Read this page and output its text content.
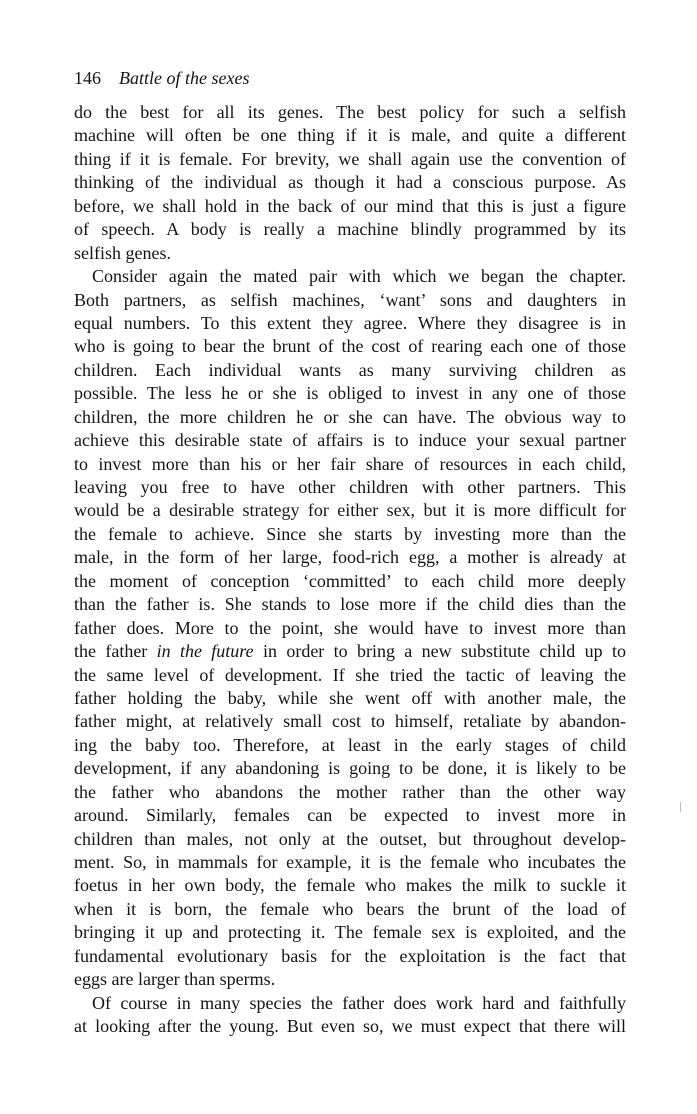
146 Battle of the sexes
do the best for all its genes. The best policy for such a selfish
machine will often be one thing if it is male, and quite a different
thing if it is female. For brevity, we shall again use the convention of
thinking of the individual as though it had a conscious purpose. As
before, we shall hold in the back of our mind that this is just a figure
of speech. A body is really a machine blindly programmed by its
selfish genes.
Consider again the mated pair with which we began the chapter.
Both partners, as selfish machines, ‘want’ sons and daughters in
equal numbers. To this extent they agree. Where they disagree is in
who is going to bear the brunt of the cost of rearing each one of those
children. Each individual wants as many surviving children as
possible. The less he or she is obliged to invest in any one of those
children, the more children he or she can have. The obvious way to
achieve this desirable state of affairs is to induce your sexual partner
to invest more than his or her fair share of resources in each child,
leaving you free to have other children with other partners. This
would be a desirable strategy for either sex, but it is more difficult for
the female to achieve. Since she starts by investing more than the
male, in the form of her large, food-rich egg, a mother is already at
the moment of conception ‘committed’ to each child more deeply
than the father is. She stands to lose more if the child dies than the
father does. More to the point, she would have to invest more than
the father in the future in order to bring a new substitute child up to
the same level of development. If she tried the tactic of leaving the
father holding the baby, while she went off with another male, the
father might, at relatively small cost to himself, retaliate by abandon-
ing the baby too. Therefore, at least in the early stages of child
development, if any abandoning is going to be done, it is likely to be
the father who abandons the mother rather than the other way
around. Similarly, females can be expected to invest more in
children than males, not only at the outset, but throughout develop-
ment. So, in mammals for example, it is the female who incubates the
foetus in her own body, the female who makes the milk to suckle it
when it is born, the female who bears the brunt of the load of
bringing it up and protecting it. The female sex is exploited, and the
fundamental evolutionary basis for the exploitation is the fact that
eggs are larger than sperms.
Of course in many species the father does work hard and faithfully
at looking after the young. But even so, we must expect that there will
